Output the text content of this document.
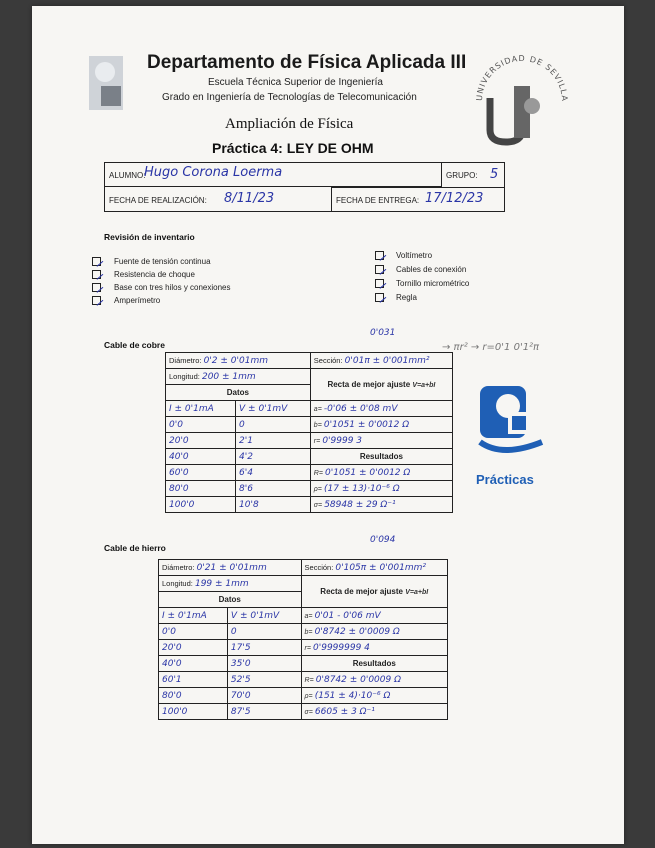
Departamento de Física Aplicada III
Escuela Técnica Superior de Ingeniería
Grado en Ingeniería de Tecnologías de Telecomunicación
Ampliación de Física
Práctica 4: LEY DE OHM
UNIVERSIDAD DE SEVILLA
ALUMNO:
Hugo Corona Loerma	GRUPO: 5
FECHA DE REALIZACIÓN: 8/11/23	FECHA DE ENTREGA: 17/12/23
Revisión de inventario
Fuente de tensión continua
Resistencia de choque
Base con tres hilos y conexiones
Amperímetro
Voltímetro
Cables de conexión
Tornillo micrométrico
Regla
Prácticas
Cable de cobre
0'031
→ πr² → r=0'1 0'1²π
Diámetro: 0'2 ± 0'01mm		Sección: 0'01π ± 0'001mm²
Longitud: 200 ± 1mm		Recta de mejor ajuste V=a+bI
Datos		
I ± 0'1mA	V ± 0'1mV	a= -0'06 ± 0'08 mV
0'0	0	b= 0'1051 ± 0'0012 Ω
20'0	2'1	r= 0'9999 3
40'0	4'2	Resultados
60'0	6'4	R= 0'1051 ± 0'0012 Ω
80'0	8'6	ρ= (17 ± 13)·10⁻⁶ Ω
100'0	10'8	σ= 58948 ± 29 Ω⁻¹
Cable de hierro
0'094
Diámetro: 0'21 ± 0'01mm		Sección: 0'105π ± 0'001mm²
Longitud: 199 ± 1mm		Recta de mejor ajuste V=a+bI
Datos		
I ± 0'1mA	V ± 0'1mV	a= 0'01 - 0'06 mV
0'0	0	b= 0'8742 ± 0'0009 Ω
20'0	17'5	r= 0'9999999 4
40'0	35'0	Resultados
60'1	52'5	R= 0'8742 ± 0'0009 Ω
80'0	70'0	ρ= (151 ± 4)·10⁻⁶ Ω
100'0	87'5	σ= 6605 ± 3 Ω⁻¹
